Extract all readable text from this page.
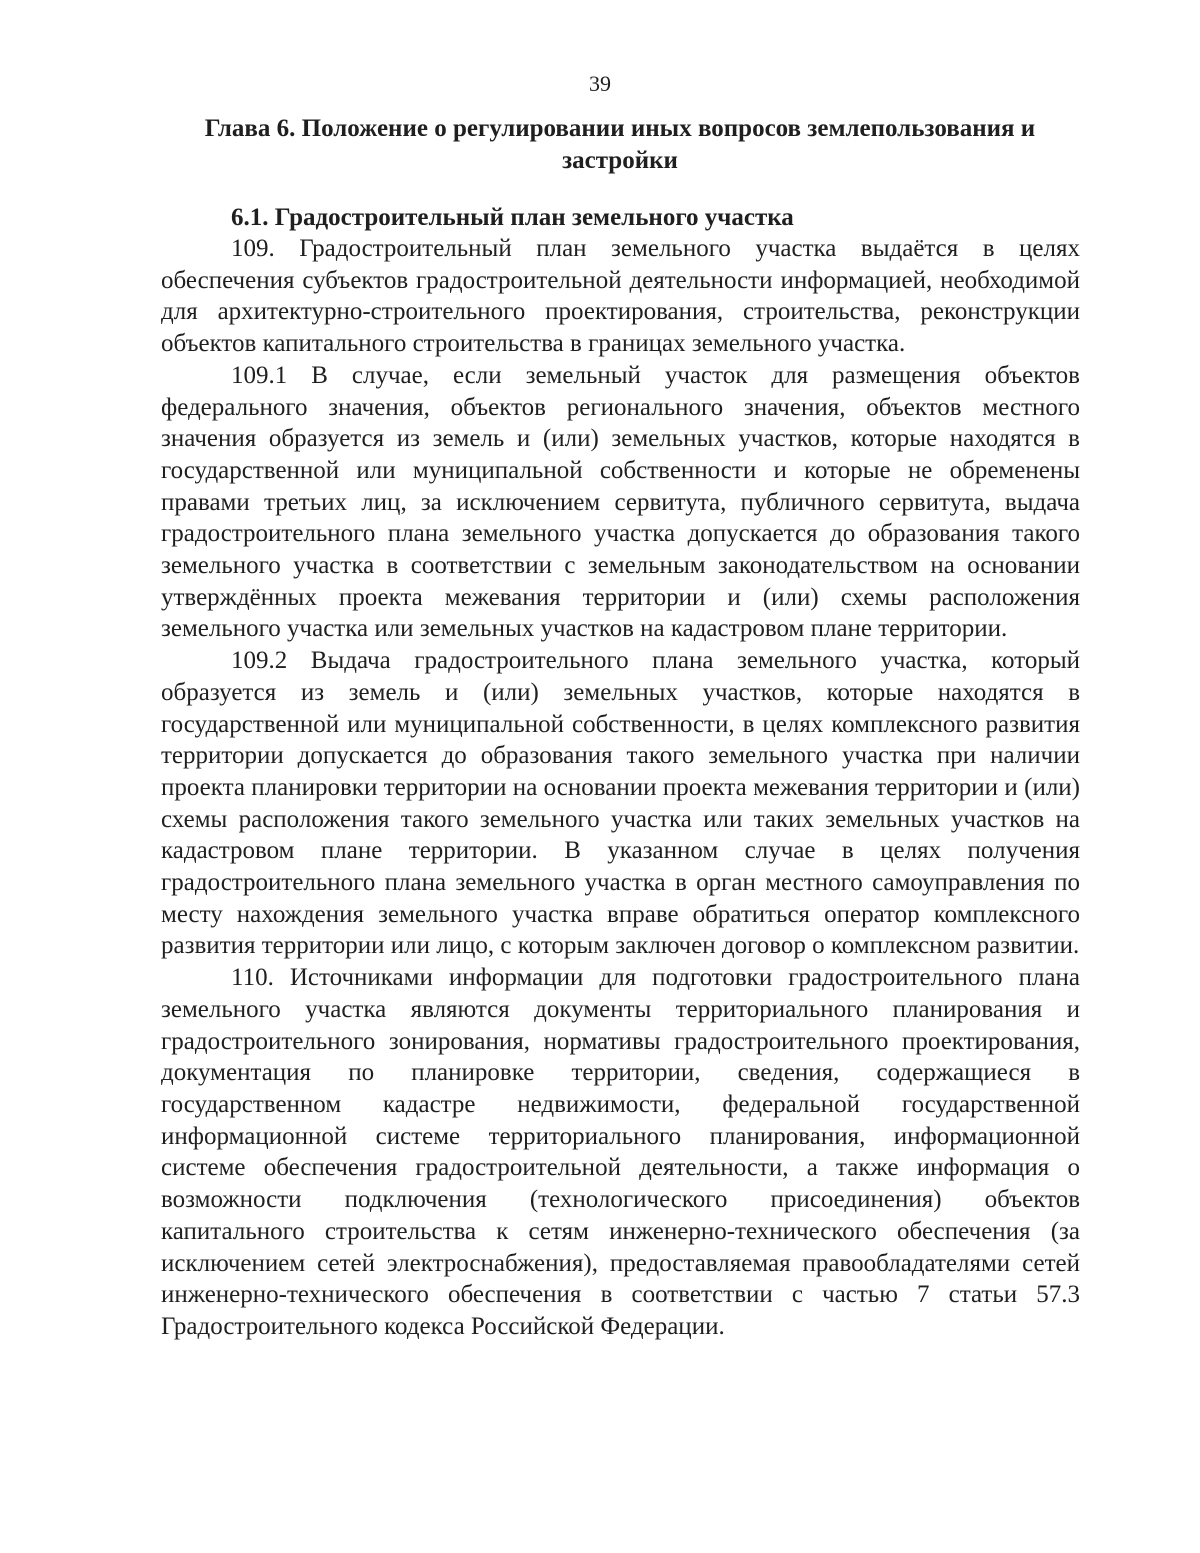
39
Глава 6. Положение о регулировании иных вопросов землепользования и застройки
6.1. Градостроительный план земельного участка

109. Градостроительный план земельного участка выдаётся в целях обеспечения субъектов градостроительной деятельности информацией, необходимой для архитектурно-строительного проектирования, строительства, реконструкции объектов капитального строительства в границах земельного участка.

109.1 В случае, если земельный участок для размещения объектов федерального значения, объектов регионального значения, объектов местного значения образуется из земель и (или) земельных участков, которые находятся в государственной или муниципальной собственности и которые не обременены правами третьих лиц, за исключением сервитута, публичного сервитута, выдача градостроительного плана земельного участка допускается до образования такого земельного участка в соответствии с земельным законодательством на основании утверждённых проекта межевания территории и (или) схемы расположения земельного участка или земельных участков на кадастровом плане территории.

109.2 Выдача градостроительного плана земельного участка, который образуется из земель и (или) земельных участков, которые находятся в государственной или муниципальной собственности, в целях комплексного развития территории допускается до образования такого земельного участка при наличии проекта планировки территории на основании проекта межевания территории и (или) схемы расположения такого земельного участка или таких земельных участков на кадастровом плане территории. В указанном случае в целях получения градостроительного плана земельного участка в орган местного самоуправления по месту нахождения земельного участка вправе обратиться оператор комплексного развития территории или лицо, с которым заключен договор о комплексном развитии.

110. Источниками информации для подготовки градостроительного плана земельного участка являются документы территориального планирования и градостроительного зонирования, нормативы градостроительного проектирования, документация по планировке территории, сведения, содержащиеся в государственном кадастре недвижимости, федеральной государственной информационной системе территориального планирования, информационной системе обеспечения градостроительной деятельности, а также информация о возможности подключения (технологического присоединения) объектов капитального строительства к сетям инженерно-технического обеспечения (за исключением сетей электроснабжения), предоставляемая правообладателями сетей инженерно-технического обеспечения в соответствии с частью 7 статьи 57.3 Градостроительного кодекса Российской Федерации.
